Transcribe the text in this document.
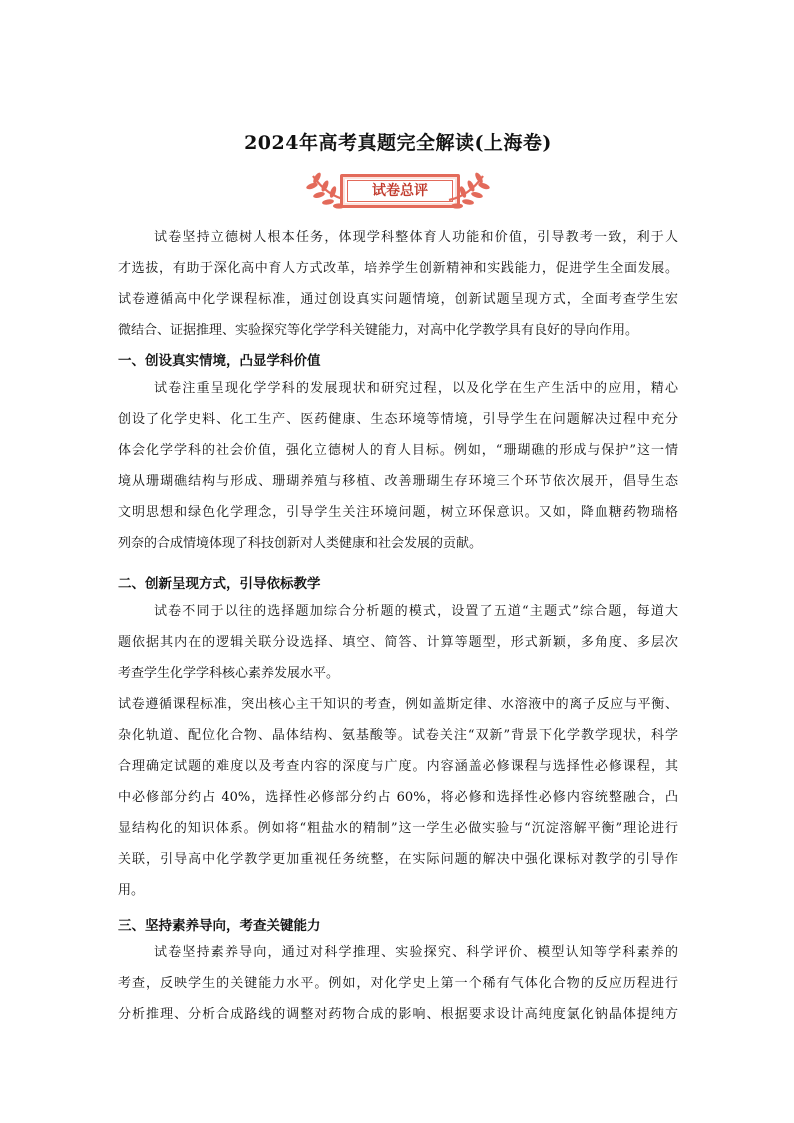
2024年高考真题完全解读(上海卷)
试卷总评
试卷坚持立德树人根本任务，体现学科整体育人功能和价值，引导教考一致，利于人
才选拔，有助于深化高中育人方式改革，培养学生创新精神和实践能力，促进学生全面发展。
试卷遵循高中化学课程标准，通过创设真实问题情境，创新试题呈现方式，全面考查学生宏
微结合、证据推理、实验探究等化学学科关键能力，对高中化学教学具有良好的导向作用。
一、创设真实情境，凸显学科价值
试卷注重呈现化学学科的发展现状和研究过程，以及化学在生产生活中的应用，精心
创设了化学史料、化工生产、医药健康、生态环境等情境，引导学生在问题解决过程中充分
体会化学学科的社会价值，强化立德树人的育人目标。例如，“珊瑚礁的形成与保护”这一情
境从珊瑚礁结构与形成、珊瑚养殖与移植、改善珊瑚生存环境三个环节依次展开，倡导生态
文明思想和绿色化学理念，引导学生关注环境问题，树立环保意识。又如，降血糖药物瑞格
列奈的合成情境体现了科技创新对人类健康和社会发展的贡献。
二、创新呈现方式，引导依标教学
试卷不同于以往的选择题加综合分析题的模式，设置了五道“主题式”综合题，每道大
题依据其内在的逻辑关联分设选择、填空、简答、计算等题型，形式新颖，多角度、多层次
考查学生化学学科核心素养发展水平。
试卷遵循课程标准，突出核心主干知识的考查，例如盖斯定律、水溶液中的离子反应与平衡、
杂化轨道、配位化合物、晶体结构、氨基酸等。试卷关注“双新”背景下化学教学现状，科学
合理确定试题的难度以及考查内容的深度与广度。内容涵盖必修课程与选择性必修课程，其
中必修部分约占 40%，选择性必修部分约占 60%，将必修和选择性必修内容统整融合，凸
显结构化的知识体系。例如将“粗盐水的精制”这一学生必做实验与“沉淀溶解平衡”理论进行
关联，引导高中化学教学更加重视任务统整，在实际问题的解决中强化课标对教学的引导作
用。
三、坚持素养导向，考查关键能力
试卷坚持素养导向，通过对科学推理、实验探究、科学评价、模型认知等学科素养的
考查，反映学生的关键能力水平。例如，对化学史上第一个稀有气体化合物的反应历程进行
分析推理、分析合成路线的调整对药物合成的影响、根据要求设计高纯度氯化钠晶体提纯方
